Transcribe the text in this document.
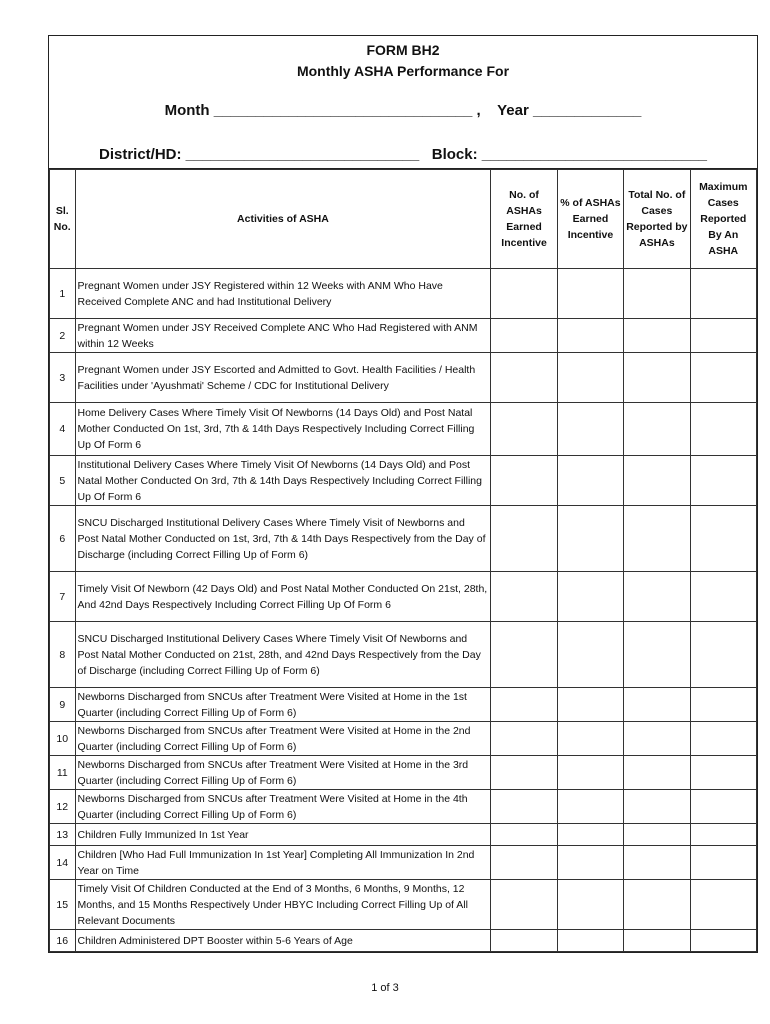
FORM BH2
Monthly ASHA Performance For
Month _______________________________ ,    Year _____________
District/HD: ____________________________   Block: ___________________________
Sl. No.	Activities of ASHA	No. of ASHAs Earned Incentive	% of ASHAs Earned Incentive	Total No. of Cases Reported by ASHAs	Maximum Cases Reported By An ASHA
1	Pregnant Women under JSY Registered within 12 Weeks with ANM Who Have Received Complete ANC and had Institutional Delivery				
2	Pregnant Women under JSY Received Complete ANC Who Had Registered with ANM within 12 Weeks				
3	Pregnant Women under JSY Escorted and Admitted to Govt. Health Facilities / Health Facilities under 'Ayushmati' Scheme / CDC for Institutional Delivery				
4	Home Delivery Cases Where Timely Visit Of Newborns (14 Days Old) and Post Natal Mother Conducted On 1st, 3rd, 7th & 14th Days Respectively Including Correct Filling Up Of Form 6				
5	Institutional Delivery Cases Where Timely Visit Of Newborns (14 Days Old) and Post Natal Mother Conducted On 3rd, 7th & 14th Days Respectively Including Correct Filling Up Of Form 6				
6	SNCU Discharged Institutional Delivery Cases Where Timely Visit of Newborns and Post Natal Mother Conducted on 1st, 3rd, 7th & 14th Days Respectively from the Day of Discharge (including Correct Filling Up of Form 6)				
7	Timely Visit Of Newborn (42 Days Old) and Post Natal Mother Conducted On 21st, 28th, And 42nd Days Respectively Including Correct Filling Up Of Form 6				
8	SNCU Discharged Institutional Delivery Cases Where Timely Visit Of Newborns and Post Natal Mother Conducted on 21st, 28th, and 42nd Days Respectively from the Day of Discharge (including Correct Filling Up of Form 6)				
9	Newborns Discharged from SNCUs after Treatment Were Visited at Home in the 1st Quarter (including Correct Filling Up of Form 6)				
10	Newborns Discharged from SNCUs after Treatment Were Visited at Home in the 2nd Quarter (including Correct Filling Up of Form 6)				
11	Newborns Discharged from SNCUs after Treatment Were Visited at Home in the 3rd Quarter (including Correct Filling Up of Form 6)				
12	Newborns Discharged from SNCUs after Treatment Were Visited at Home in the 4th Quarter (including Correct Filling Up of Form 6)				
13	Children Fully Immunized In 1st Year				
14	Children [Who Had Full Immunization In 1st Year] Completing All Immunization In 2nd Year on Time				
15	Timely Visit Of Children Conducted at the End of 3 Months, 6 Months, 9 Months, 12 Months, and 15 Months Respectively Under HBYC Including Correct Filling Up of All Relevant Documents				
16	Children Administered DPT Booster within 5-6 Years of Age				
1 of 3
